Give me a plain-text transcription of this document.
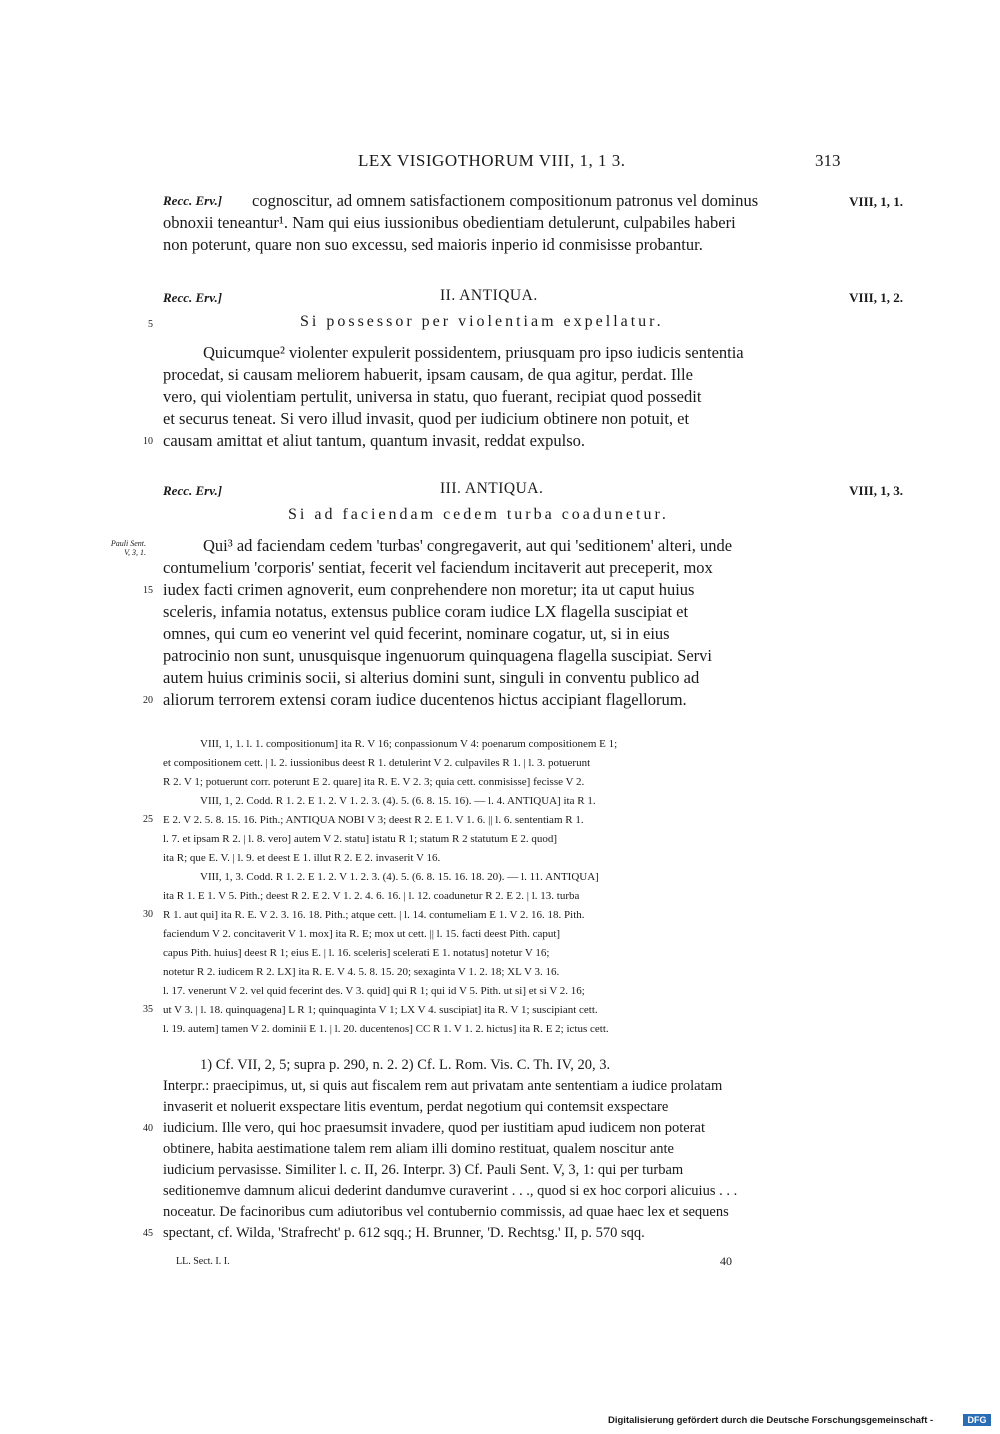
LEX VISIGOTHORUM VIII, 1, 1 3.	313
Recc. Erv.]	VIII, 1, 1.
cognoscitur, ad omnem satisfactionem compositionum patronus vel dominus
obnoxii teneantur¹. Nam qui eius iussionibus obedientiam detulerunt, culpabiles haberi
non poterunt, quare non suo excessu, sed maioris inperio id conmisisse probantur.
Recc. Erv.]	II. ANTIQUA.	VIII, 1, 2.
5	Si possessor per violentiam expellatur.
Quicumque² violenter expulerit possidentem, priusquam pro ipso iudicis sententia
procedat, si causam meliorem habuerit, ipsam causam, de qua agitur, perdat. Ille
vero, qui violentiam pertulit, universa in statu, quo fuerant, recipiat quod possedit
et securus teneat. Si vero illud invasit, quod per iudicium obtinere non potuit, et
10 causam amittat et aliut tantum, quantum invasit, reddat expulso.
Recc. Erv.]	III. ANTIQUA.	VIII, 1, 3.
Si ad faciendam cedem turba coadunetur.
Pauli Sent.
V, 3, 1.	Qui³ ad faciendam cedem 'turbas' congregaverit, aut qui 'seditionem' alteri, unde
contumelium 'corporis' sentiat, fecerit vel faciendum incitaverit aut preceperit, mox
15 iudex facti crimen agnoverit, eum conprehendere non moretur; ita ut caput huius
sceleris, infamia notatus, extensus publice coram iudice LX flagella suscipiat et
omnes, qui cum eo venerint vel quid fecerint, nominare cogatur, ut, si in eius
patrocinio non sunt, unusquisque ingenuorum quinquagena flagella suscipiat. Servi
autem huius criminis socii, si alterius domini sunt, singuli in conventu publico ad
20 aliorum terrorem extensi coram iudice ducentenos hictus accipiant flagellorum.
VIII, 1, 1. l. 1. compositionum] ita R. V 16; conpassionum V 4: poenarum compositionem E 1;
et compositionem cett. | l. 2. iussionibus deest R 1. detulerint V 2. culpaviles R 1. | l. 3. potuerunt
R 2. V 1; potuerunt corr. poterunt E 2. quare] ita R. E. V 2. 3; quia cett. conmisisse] fecisse V 2.
VIII, 1, 2. Codd. R 1. 2. E 1. 2. V 1. 2. 3. (4). 5. (6. 8. 15. 16). — l. 4. ANTIQUA] ita R 1.
25 E 2. V 2. 5. 8. 15. 16. Pith.; ANTIQUA NOBI V 3; deest R 2. E 1. V 1. 6. || l. 6. sententiam R 1.
l. 7. et ipsam R 2. | l. 8. vero] autem V 2. statu] istatu R 1; statum R 2 statutum E 2. quod]
ita R; que E. V. | l. 9. et deest E 1. illut R 2. E 2. invaserit V 16.
VIII, 1, 3. Codd. R 1. 2. E 1. 2. V 1. 2. 3. (4). 5. (6. 8. 15. 16. 18. 20). — l. 11. ANTIQUA]
ita R 1. E 1. V 5. Pith.; deest R 2. E 2. V 1. 2. 4. 6. 16. | l. 12. coadunetur R 2. E 2. | l. 13. turba
30 R 1. aut qui] ita R. E. V 2. 3. 16. 18. Pith.; atque cett. | l. 14. contumeliam E 1. V 2. 16. 18. Pith.
faciendum V 2. concitaverit V 1. mox] ita R. E; mox ut cett. || l. 15. facti deest Pith. caput]
capus Pith. huius] deest R 1; eius E. | l. 16. sceleris] scelerati E 1. notatus] notetur V 16;
notetur R 2. iudicem R 2. LX] ita R. E. V 4. 5. 8. 15. 20; sexaginta V 1. 2. 18; XL V 3. 16.
l. 17. venerunt V 2. vel quid fecerint des. V 3. quid] qui R 1; qui id V 5. Pith. ut si] et si V 2. 16;
35 ut V 3. | l. 18. quinquagena] L R 1; quinquaginta V 1; LX V 4. suscipiat] ita R. V 1; suscipiant cett.
l. 19. autem] tamen V 2. dominii E 1. | l. 20. ducentenos] CC R 1. V 1. 2. hictus] ita R. E 2; ictus cett.
1) Cf. VII, 2, 5; supra p. 290, n. 2. 2) Cf. L. Rom. Vis. C. Th. IV, 20, 3.
Interpr.: praecipimus, ut, si quis aut fiscalem rem aut privatam ante sententiam a iudice prolatam
invaserit et noluerit exspectare litis eventum, perdat negotium qui contemsit exspectare
40 iudicium. Ille vero, qui hoc praesumsit invadere, quod per iustitiam apud iudicem non poterat
obtinere, habita aestimatione talem rem aliam illi domino restituat, qualem noscitur ante
iudicium pervasisse. Similiter l. c. II, 26. Interpr. 3) Cf. Pauli Sent. V, 3, 1: qui per turbam
seditionemve damnum alicui dederint dandumve curaverint . . ., quod si ex hoc corpori alicuius . . .
noceatur. De facinoribus cum adiutoribus vel contubernio commissis, ad quae haec lex et sequens
45 spectant, cf. Wilda, 'Strafrecht' p. 612 sqq.; H. Brunner, 'D. Rechtsg.' II, p. 570 sqq.
LL. Sect. I. I.	40
Digitalisierung gefördert durch die Deutsche Forschungsgemeinschaft -	DFG
